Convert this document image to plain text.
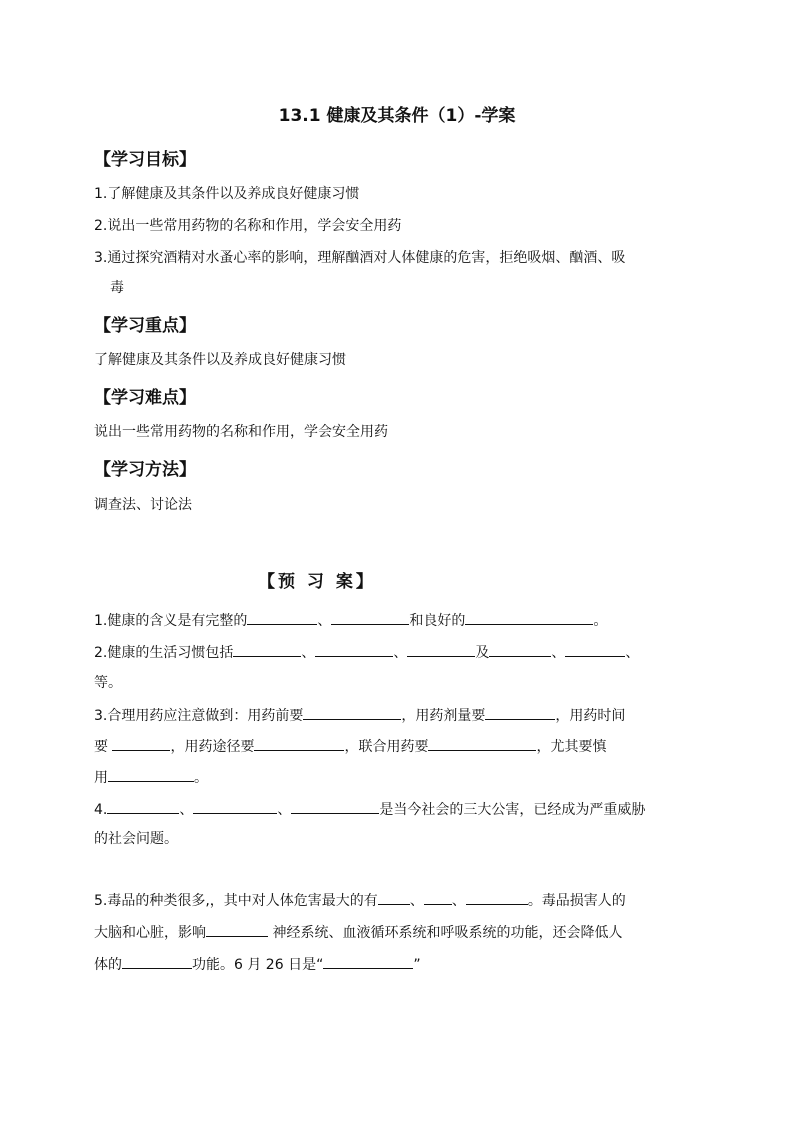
13.1 健康及其条件（1）-学案
【学习目标】
1.了解健康及其条件以及养成良好健康习惯
2.说出一些常用药物的名称和作用，学会安全用药
3.通过探究酒精对水蚤心率的影响，理解酗酒对人体健康的危害，拒绝吸烟、酗酒、吸
毒
【学习重点】
了解健康及其条件以及养成良好健康习惯
【学习难点】
说出一些常用药物的名称和作用，学会安全用药
【学习方法】
调查法、讨论法
【预 习 案】
1.健康的含义是有完整的	、	和良好的	。
2.健康的生活习惯包括	、	、	及	、	、
等。
3.合理用药应注意做到：用药前要	，用药剂量要	，用药时间
要	，用药途径要	，联合用药要	，尤其要慎
用	。
4.	、	、	是当今社会的三大公害，已经成为严重威胁
的社会问题。
5.毒品的种类很多,，其中对人体危害最大的有 、 、	。毒品损害人的
大脑和心脏，影响	神经系统、血液循环系统和呼吸系统的功能，还会降低人
体的	功能。6 月 26 日是“	”
